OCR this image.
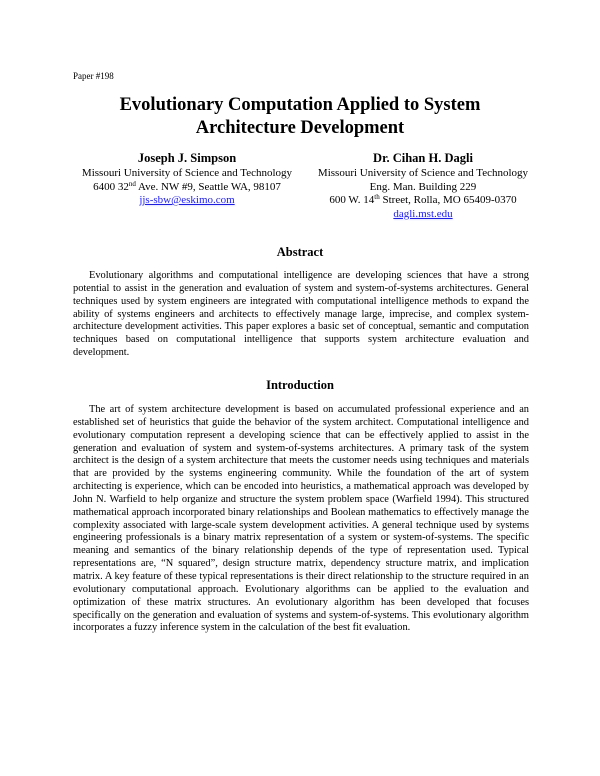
Paper #198
Evolutionary Computation Applied to System
Architecture Development
Joseph J. Simpson
Missouri University of Science and Technology
6400 32nd Ave. NW #9, Seattle WA, 98107
jjs-sbw@eskimo.com
Dr. Cihan H. Dagli
Missouri University of Science and Technology
Eng. Man. Building 229
600 W. 14th Street, Rolla, MO 65409-0370
dagli.mst.edu
Abstract

Evolutionary algorithms and computational intelligence are developing sciences that have a strong potential to assist in the generation and evaluation of system and system-of-systems architectures. General techniques used by system engineers are integrated with computational intelligence methods to expand the ability of systems engineers and architects to effectively manage large, imprecise, and complex system-architecture development activities. This paper explores a basic set of conceptual, semantic and computation techniques based on computational intelligence that supports system architecture evaluation and development.

Introduction

The art of system architecture development is based on accumulated professional experience and an established set of heuristics that guide the behavior of the system architect. Computational intelligence and evolutionary computation represent a developing science that can be effectively applied to assist in the generation and evaluation of system and system-of-systems architectures. A primary task of the system architect is the design of a system architecture that meets the customer needs using techniques and materials that are provided by the systems engineering community. While the foundation of the art of system architecting is experience, which can be encoded into heuristics, a mathematical approach was developed by John N. Warfield to help organize and structure the system problem space (Warfield 1994). This structured mathematical approach incorporated binary relationships and Boolean mathematics to effectively manage the complexity associated with large-scale system development activities. A general technique used by systems engineering professionals is a binary matrix representation of a system or system-of-systems. The specific meaning and semantics of the binary relationship depends of the type of representation used. Typical representations are, “N squared”, design structure matrix, dependency structure matrix, and implication matrix. A key feature of these typical representations is their direct relationship to the structure required in an evolutionary computational approach. Evolutionary algorithms can be applied to the evaluation and optimization of these matrix structures. An evolutionary algorithm has been developed that focuses specifically on the generation and evaluation of systems and system-of-systems. This evolutionary algorithm incorporates a fuzzy inference system in the calculation of the best fit evaluation.
